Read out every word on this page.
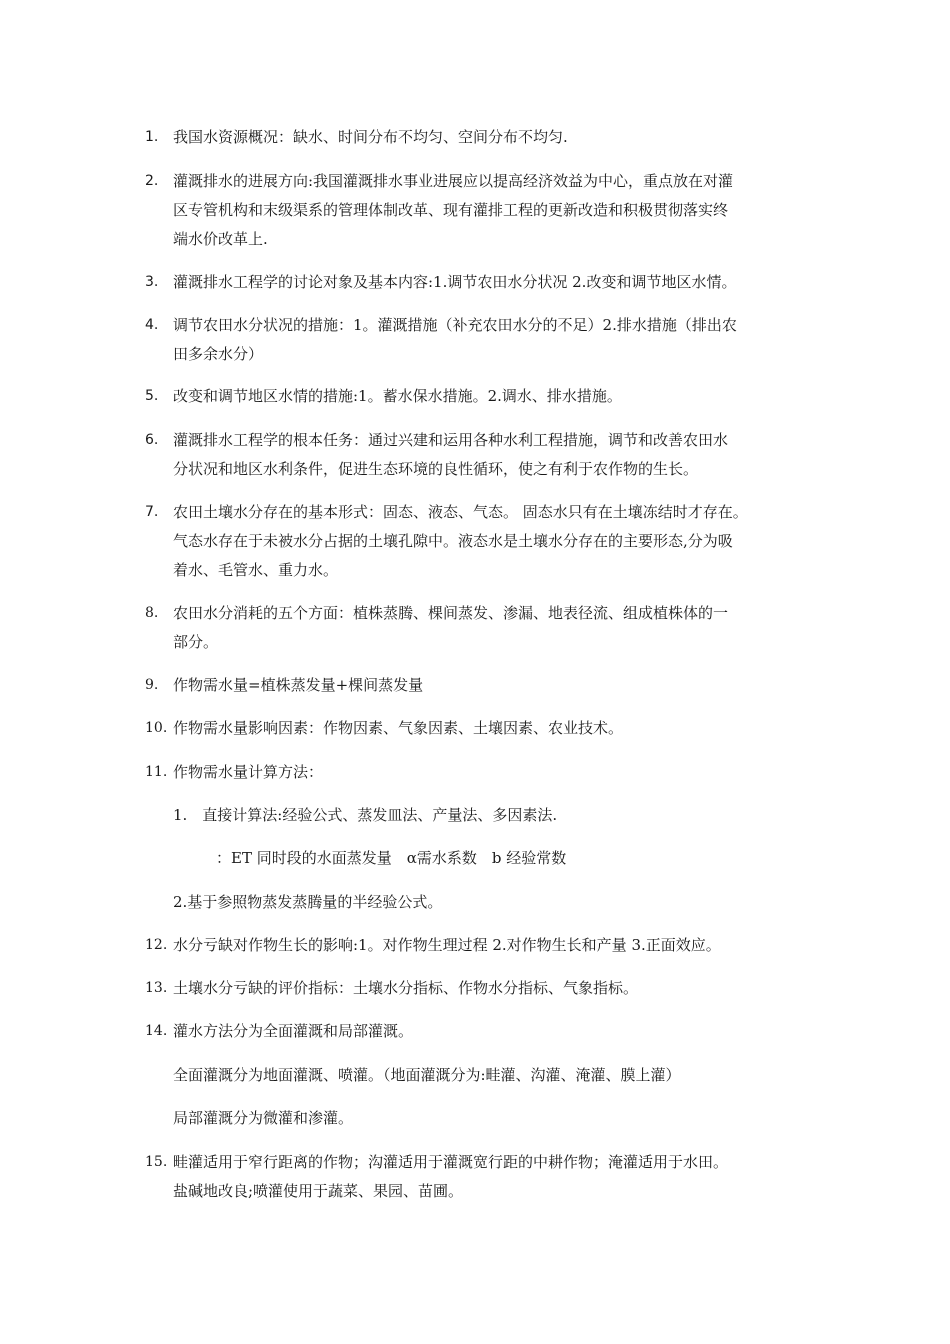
1. 我国水资源概况：缺水、时间分布不均匀、空间分布不均匀.
2. 灌溉排水的进展方向:我国灌溉排水事业进展应以提高经济效益为中心，重点放在对灌
区专管机构和末级渠系的管理体制改革、现有灌排工程的更新改造和积极贯彻落实终
端水价改革上.
3. 灌溉排水工程学的讨论对象及基本内容:1.调节农田水分状况 2.改变和调节地区水情。
4. 调节农田水分状况的措施：1。灌溉措施（补充农田水分的不足）2.排水措施（排出农
田多余水分）
5. 改变和调节地区水情的措施:1。蓄水保水措施。2.调水、排水措施。
6. 灌溉排水工程学的根本任务：通过兴建和运用各种水利工程措施，调节和改善农田水
分状况和地区水利条件，促进生态环境的良性循环，使之有利于农作物的生长。
7. 农田土壤水分存在的基本形式：固态、液态、气态。 固态水只有在土壤冻结时才存在。
气态水存在于未被水分占据的土壤孔隙中。液态水是土壤水分存在的主要形态,分为吸
着水、毛管水、重力水。
8. 农田水分消耗的五个方面：植株蒸腾、棵间蒸发、渗漏、地表径流、组成植株体的一
部分。
9. 作物需水量=植株蒸发量+棵间蒸发量
10. 作物需水量影响因素：作物因素、气象因素、土壤因素、农业技术。
11. 作物需水量计算方法：
1.　直接计算法:经验公式、蒸发皿法、产量法、多因素法.
：ET 同时段的水面蒸发量　α需水系数　b 经验常数
2.基于参照物蒸发蒸腾量的半经验公式。
12. 水分亏缺对作物生长的影响:1。对作物生理过程 2.对作物生长和产量 3.正面效应。
13. 土壤水分亏缺的评价指标：土壤水分指标、作物水分指标、气象指标。
14. 灌水方法分为全面灌溉和局部灌溉。
全面灌溉分为地面灌溉、喷灌。（地面灌溉分为:畦灌、沟灌、淹灌、膜上灌）
局部灌溉分为微灌和渗灌。
15. 畦灌适用于窄行距离的作物；沟灌适用于灌溉宽行距的中耕作物；淹灌适用于水田。
盐碱地改良;喷灌使用于蔬菜、果园、苗圃。
